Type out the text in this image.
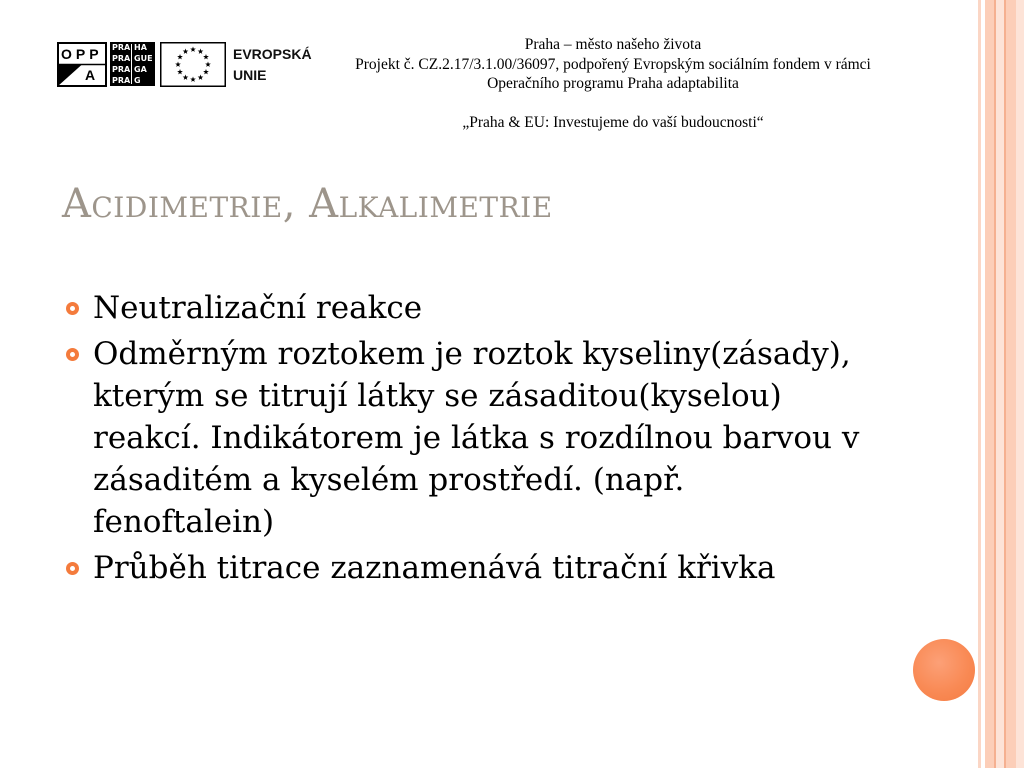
OPP
A
PRA HA
PRA GUE
PRA GA
PRA G
EVROPSKÁ
UNIE
Praha – město našeho života
Projekt č. CZ.2.17/3.1.00/36097, podpořený Evropským sociálním fondem v rámci
Operačního programu Praha adaptabilita
„Praha & EU: Investujeme do vaší budoucnosti“
Acidimetrie, Alkalimetrie
Neutralizační reakce
Odměrným roztokem je roztok kyseliny(zásady),
kterým se titrují látky se zásaditou(kyselou)
reakcí. Indikátorem je látka s rozdílnou barvou v
zásaditém a kyselém prostředí. (např.
fenoftalein)
Průběh titrace zaznamenává titrační křivka
